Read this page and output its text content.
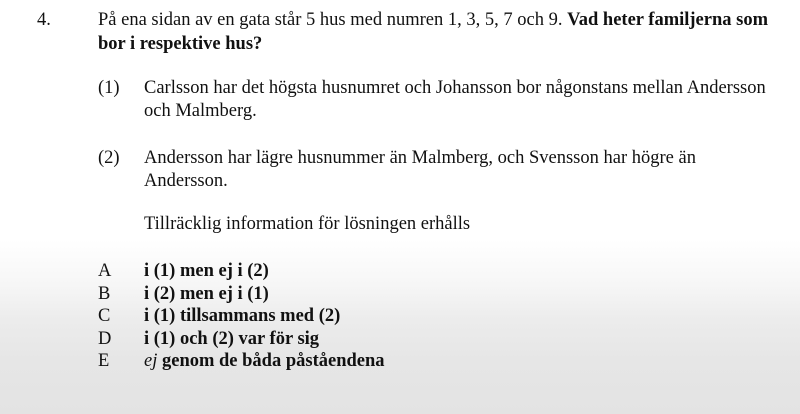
4.	På ena sidan av en gata står 5 hus med numren 1, 3, 5, 7 och 9. Vad heter familjerna som
bor i respektive hus?
(1) Carlsson har det högsta husnumret och Johansson bor någonstans mellan Andersson
och Malmberg.
(2) Andersson har lägre husnummer än Malmberg, och Svensson har högre än
Andersson.
Tillräcklig information för lösningen erhålls
A i (1) men ej i (2)
B i (2) men ej i (1)
C i (1) tillsammans med (2)
D i (1) och (2) var för sig
E ej genom de båda påståendena
